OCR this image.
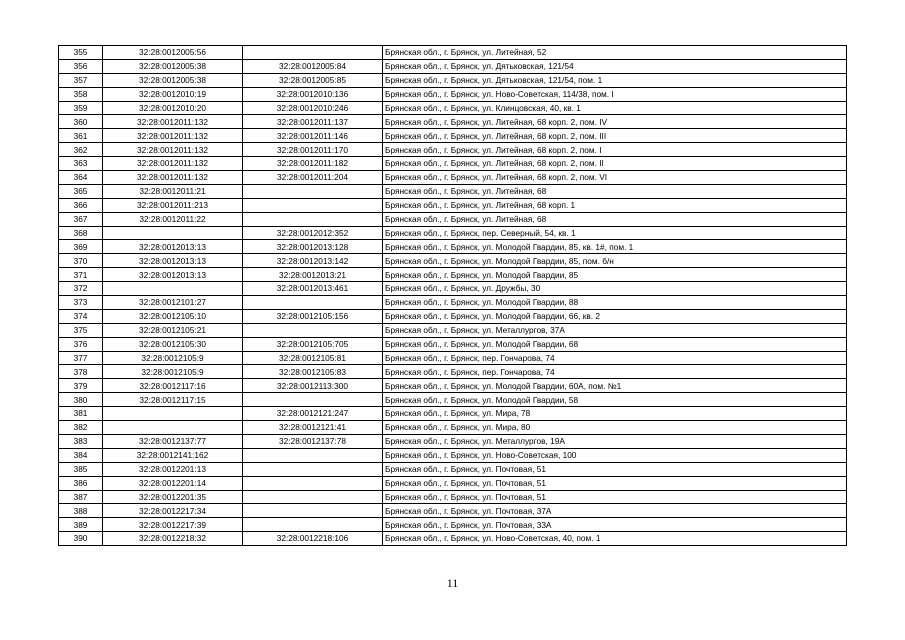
355	32:28:0012005:56		Брянская обл., г. Брянск, ул. Литейная, 52
356	32:28:0012005:38	32:28:0012005:84	Брянская обл., г. Брянск, ул. Дятьковская, 121/54
357	32:28:0012005:38	32:28:0012005:85	Брянская обл., г. Брянск, ул. Дятьковская, 121/54, пом. 1
358	32:28:0012010:19	32:28:0012010:136	Брянская обл., г. Брянск, ул. Ново-Советская, 114/38, пом. I
359	32:28:0012010:20	32:28:0012010:246	Брянская обл., г. Брянск, ул. Клинцовская, 40, кв. 1
360	32:28:0012011:132	32:28:0012011:137	Брянская обл., г. Брянск, ул. Литейная, 68 корп. 2, пом. IV
361	32:28:0012011:132	32:28:0012011:146	Брянская обл., г. Брянск, ул. Литейная, 68 корп. 2, пом. III
362	32:28:0012011:132	32:28:0012011:170	Брянская обл., г. Брянск, ул. Литейная, 68 корп. 2, пом. I
363	32:28:0012011:132	32:28:0012011:182	Брянская обл., г. Брянск, ул. Литейная, 68 корп. 2, пом. II
364	32:28:0012011:132	32:28:0012011:204	Брянская обл., г. Брянск, ул. Литейная, 68 корп. 2, пом. VI
365	32:28:0012011:21		Брянская обл., г. Брянск, ул. Литейная, 68
366	32:28:0012011:213		Брянская обл., г. Брянск, ул. Литейная, 68 корп. 1
367	32:28:0012011:22		Брянская обл., г. Брянск, ул. Литейная, 68
368		32:28:0012012:352	Брянская обл., г. Брянск, пер. Северный, 54, кв. 1
369	32:28:0012013:13	32:28:0012013:128	Брянская обл., г. Брянск, ул. Молодой Гвардии, 85, кв. 1#, пом. 1
370	32:28:0012013:13	32:28:0012013:142	Брянская обл., г. Брянск, ул. Молодой Гвардии, 85, пом. б/н
371	32:28:0012013:13	32:28:0012013:21	Брянская обл., г. Брянск, ул. Молодой Гвардии, 85
372		32:28:0012013:461	Брянская обл., г. Брянск, ул. Дружбы, 30
373	32:28:0012101:27		Брянская обл., г. Брянск, ул. Молодой Гвардии, 88
374	32:28:0012105:10	32:28:0012105:156	Брянская обл., г. Брянск, ул. Молодой Гвардии, 66, кв. 2
375	32:28:0012105:21		Брянская обл., г. Брянск, ул. Металлургов, 37А
376	32:28:0012105:30	32:28:0012105:705	Брянская обл., г. Брянск, ул. Молодой Гвардии, 68
377	32:28:0012105:9	32:28:0012105:81	Брянская обл., г. Брянск, пер. Гончарова, 74
378	32:28:0012105:9	32:28:0012105:83	Брянская обл., г. Брянск, пер. Гончарова, 74
379	32:28:0012117:16	32:28:0012113:300	Брянская обл., г. Брянск, ул. Молодой Гвардии, 60А, пом. №1
380	32:28:0012117:15		Брянская обл., г. Брянск, ул. Молодой Гвардии, 58
381		32:28:0012121:247	Брянская обл., г. Брянск, ул. Мира, 78
382		32:28:0012121:41	Брянская обл., г. Брянск, ул. Мира, 80
383	32:28:0012137:77	32:28:0012137:78	Брянская обл., г. Брянск, ул. Металлургов, 19А
384	32:28:0012141:162		Брянская обл., г. Брянск, ул. Ново-Советская, 100
385	32:28:0012201:13		Брянская обл., г. Брянск, ул. Почтовая, 51
386	32:28:0012201:14		Брянская обл., г. Брянск, ул. Почтовая, 51
387	32:28:0012201:35		Брянская обл., г. Брянск, ул. Почтовая, 51
388	32:28:0012217:34		Брянская обл., г. Брянск, ул. Почтовая, 37А
389	32:28:0012217:39		Брянская обл., г. Брянск, ул. Почтовая, 33А
390	32:28:0012218:32	32:28:0012218:106	Брянская обл., г. Брянск, ул. Ново-Советская, 40, пом. 1
11
